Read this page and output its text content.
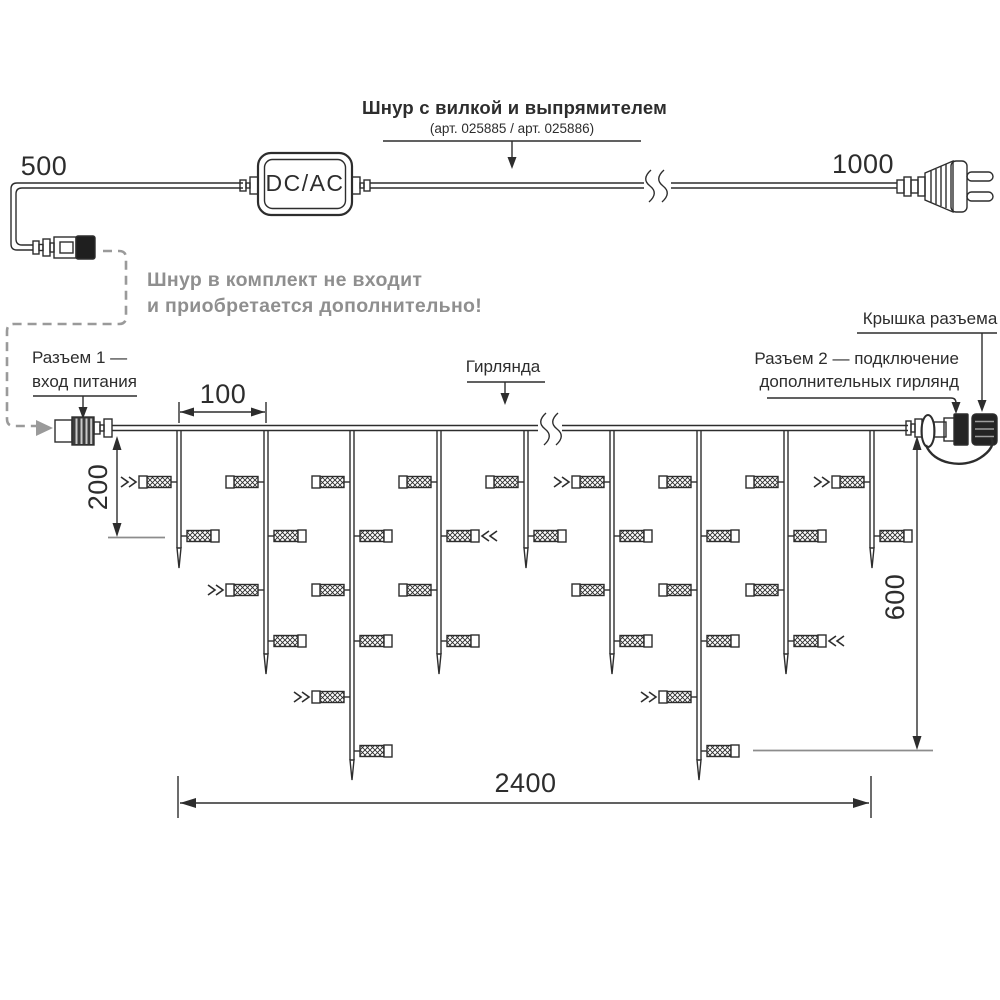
500	1000
Шнур с вилкой и выпрямителем
(арт. 025885 / арт. 025886)
DC/AC
Шнур в комплект не входит
и приобретается дополнительно!
Разъем 1 —
вход питания
Гирлянда	Разъем 2 — подключение
дополнительных гирлянд
Крышка разъема
100
200
600
2400
